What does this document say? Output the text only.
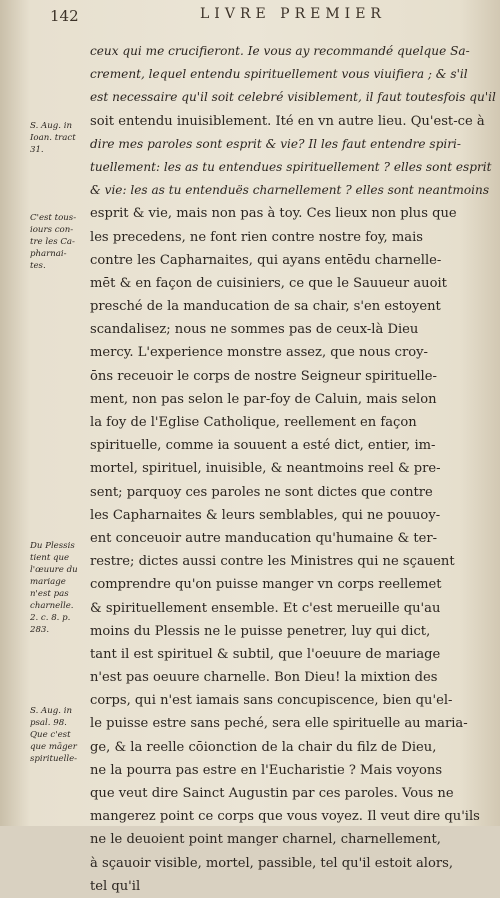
142	LIVRE PREMIER
ceux qui me crucifieront. Ie vous ay recommandé quelque Sa-
crement, lequel entendu spirituellement vous viuifiera ; & s'il
est necessaire qu'il soit celebré visiblement, il faut toutesfois qu'il
soit entendu inuisiblement. Ité en vn autre lieu. Qu'est-ce à
dire mes paroles sont esprit & vie? Il les faut entendre spiri-
tuellement: les as tu entendues spirituellement ? elles sont esprit
& vie: les as tu entenduës charnellement ? elles sont neantmoins
esprit & vie, mais non pas à toy. Ces lieux non plus que
les precedens, ne font rien contre nostre foy, mais
contre les Capharnaites, qui ayans entēdu charnelle-
mēt & en façon de cuisiniers, ce que le Sauueur auoit
presché de la manducation de sa chair, s'en estoyent
scandalisez; nous ne sommes pas de ceux-là Dieu
mercy. L'experience monstre assez, que nous croy-
ōns receuoir le corps de nostre Seigneur spirituelle-
ment, non pas selon le par-foy de Caluin, mais selon
la foy de l'Eglise Catholique, reellement en façon
spirituelle, comme ia souuent a esté dict, entier, im-
mortel, spirituel, inuisible, & neantmoins reel & pre-
sent; parquoy ces paroles ne sont dictes que contre
les Capharnaites & leurs semblables, qui ne pouuoy-
ent conceuoir autre manducation qu'humaine & ter-
restre; dictes aussi contre les Ministres qui ne sçauent
comprendre qu'on puisse manger vn corps reellemet
& spirituellement ensemble. Et c'est merueille qu'au
moins du Plessis ne le puisse penetrer, luy qui dict,
tant il est spirituel & subtil, que l'oeuure de mariage
n'est pas oeuure charnelle. Bon Dieu! la mixtion des
corps, qui n'est iamais sans concupiscence, bien qu'el-
le puisse estre sans peché, sera elle spirituelle au maria-
ge, & la reelle cōionction de la chair du filz de Dieu,
ne la pourra pas estre en l'Eucharistie ? Mais voyons
que veut dire Sainct Augustin par ces paroles. Vous ne
mangerez point ce corps que vous voyez. Il veut dire qu'ils
ne le deuoient point manger charnel, charnellement,
à sçauoir visible, mortel, passible, tel qu'il estoit alors,
tel qu'il
S. Aug. in
Ioan. tract
31.
C'est tous-
iours con-
tre les Ca-
pharnai-
tes.
Du Plessis
tient que
l'œuure du
mariage
n'est pas
charnelle.
2. c. 8. p.
283.
S. Aug. in
psal. 98.
Que c'est
que māger
spirituelle-
